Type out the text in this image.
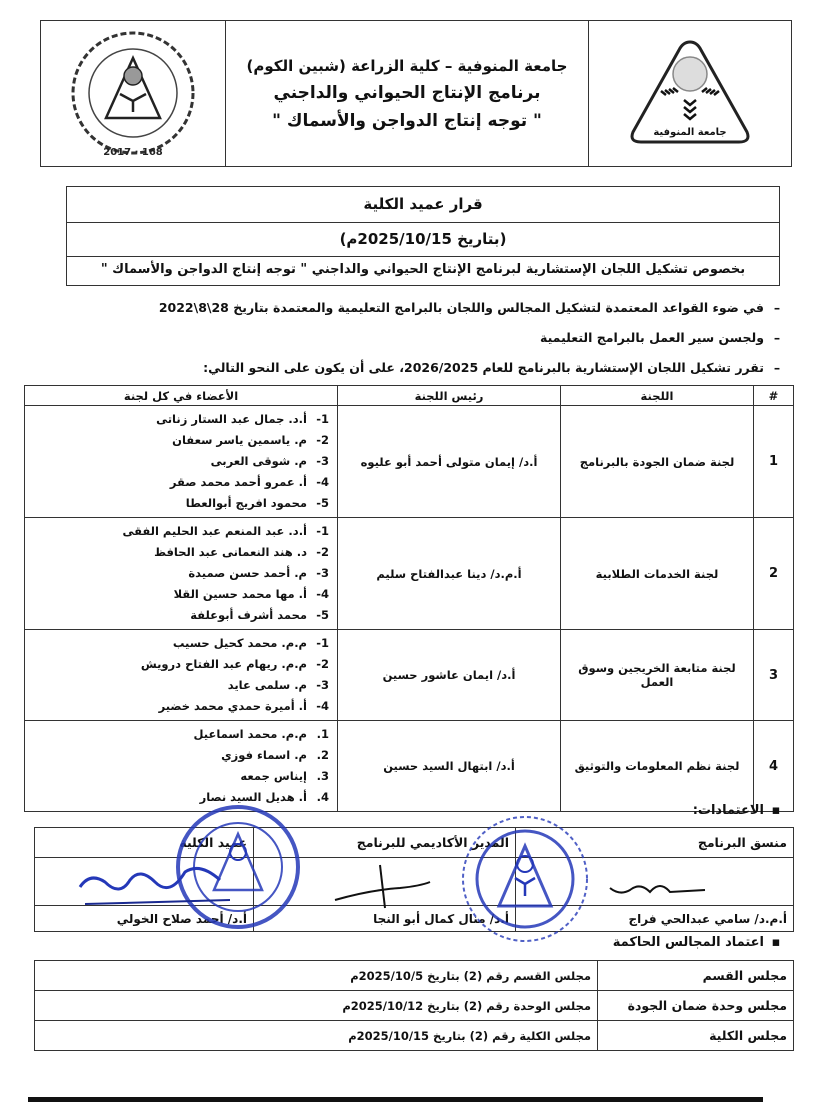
2017 · 168
جامعة المنوفية – كلية الزراعة (شبين الكوم)
برنامج الإنتاج الحيواني والداجني
" توجه إنتاج الدواجن والأسماك "
جامعة المنوفية
قرار عميد الكلية
(بتاريخ 2025/10/15م)
بخصوص تشكيل اللجان الإستشارية لبرنامج الإنتاج الحيواني والداجني " توجه إنتاج الدواجن والأسماك "
–في ضوء القواعد المعتمدة لتشكيل المجالس واللجان بالبرامج التعليمية والمعتمدة بتاريخ 28\8\2022
–ولجسن سير العمل بالبرامج التعليمية
–تقرر تشكيل اللجان الإستشارية بالبرنامج للعام 2026/2025، على أن يكون على النحو التالي:
#	اللجنة	رئيس اللجنة	الأعضاء في كل لجنة
1	لجنة ضمان الجودة بالبرنامج	أ.د/ إيمان متولى أحمد أبو عليوه	-1أ.د. جمال عبد الستار زناتى
-2م. ياسمين ياسر سعفان
-3م. شوقى العربى
-4أ. عمرو أحمد محمد صقر
-5محمود افريج أبوالعطا

2	لجنة الخدمات الطلابية	أ.م.د/ دينا عبدالفتاح سليم	-1أ.د. عبد المنعم عبد الحليم الفقى
-2د. هند النعمانى عبد الحافظ
-3م. أحمد حسن صميدة
-4أ. مها محمد حسين القلا
-5محمد أشرف أبوعلفة

3	لجنة متابعة الخريجين وسوق العمل	أ.د/ ايمان عاشور حسين	-1م.م. محمد كحيل حسيب
-2م.م. ريهام عبد الفتاح درويش
-3م. سلمى عايد
-4أ. أميرة حمدي محمد خضير

4	لجنة نظم المعلومات والتوثيق	أ.د/ ابتهال السيد حسين	.1م.م. محمد اسماعيل
.2م. اسماء فوزي
.3إيناس جمعه
.4أ. هديل السيد نصار
▪الاعتمادات:
منسق البرنامج	المدير الأكاديمي للبرنامج	عميد الكلية

أ.م.د/ سامي عبدالحي فراج	أ.د/ منال كمال أبو النجا	أ.د/ أحمد صلاح الخولي
▪اعتماد المجالس الحاكمة
مجلس القسم	مجلس القسم رقم (2) بتاريخ 2025/10/5م
مجلس وحدة ضمان الجودة	مجلس الوحدة رقم (2) بتاريخ 2025/10/12م
مجلس الكلية	مجلس الكلية رقم (2) بتاريخ 2025/10/15م
